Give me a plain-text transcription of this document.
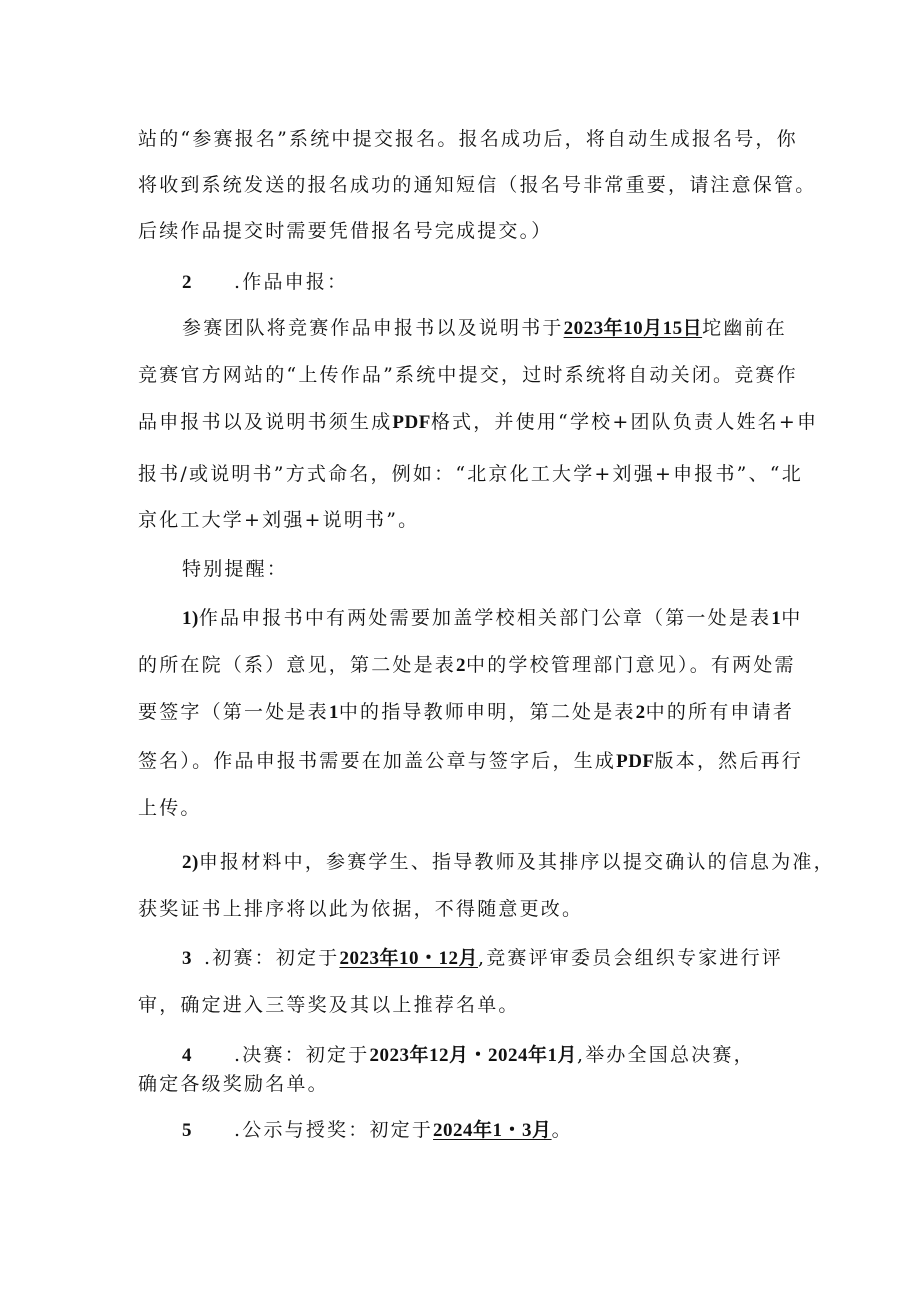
站的“参赛报名”系统中提交报名。报名成功后，将自动生成报名号，你
将收到系统发送的报名成功的通知短信（报名号非常重要，请注意保管。
后续作品提交时需要凭借报名号完成提交。）
2 .作品申报：
参赛团队将竞赛作品申报书以及说明书于2023年10月15日坨幽前在
竞赛官方网站的“上传作品”系统中提交，过时系统将自动关闭。竞赛作
品申报书以及说明书须生成PDF格式，并使用“学校+团队负责人姓名+申
报书/或说明书”方式命名，例如：“北京化工大学+刘强+申报书”、“北
京化工大学+刘强+说明书”。
特别提醒：
1)作品申报书中有两处需要加盖学校相关部门公章（第一处是表1中
的所在院（系）意见，第二处是表2中的学校管理部门意见）。有两处需
要签字（第一处是表1中的指导教师申明，第二处是表2中的所有申请者
签名）。作品申报书需要在加盖公章与签字后，生成PDF版本，然后再行
上传。
2)申报材料中，参赛学生、指导教师及其排序以提交确认的信息为准，
获奖证书上排序将以此为依据，不得随意更改。
3 .初赛：初定于2023年10・12月,竞赛评审委员会组织专家进行评
审，确定进入三等奖及其以上推荐名单。
4 .决赛：初定于2023年12月・2024年1月,举办全国总决赛，
确定各级奖励名单。
5 .公示与授奖：初定于2024年1・3月。
